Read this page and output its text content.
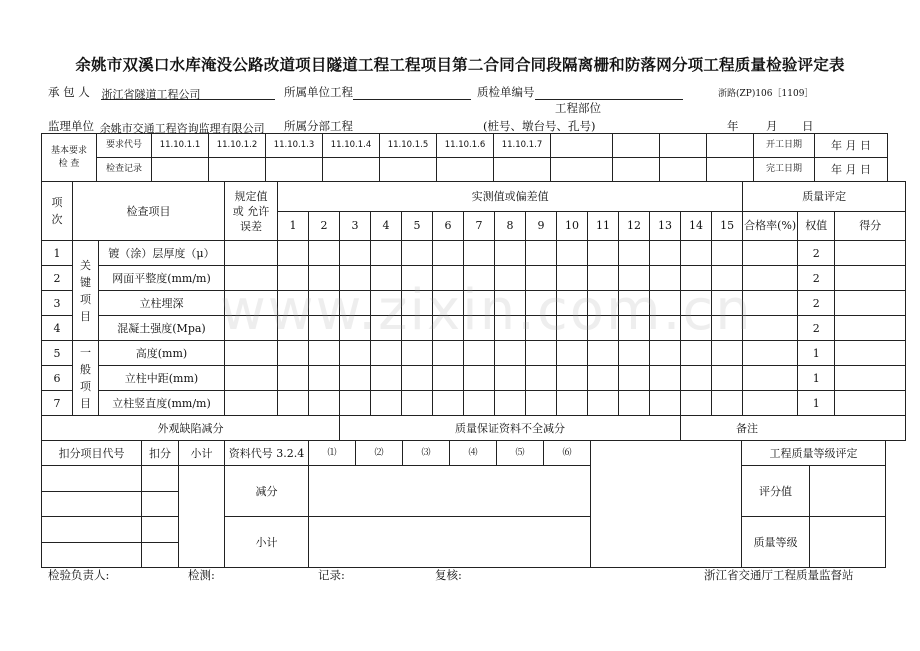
余姚市双溪口水库淹没公路改道项目隧道工程工程项目第二合同合同段隔离栅和防落网分项工程质量检验评定表
承 包 人 浙江省隧道工程公司	所属单位工程	质检单编号	浙路(ZP)106［1109］
工程部位
监理单位 余姚市交通工程咨询监理有限公司	所属分部工程	(桩号、墩台号、孔号)	年 月 日
基本要求
检 查	要求代号	11.10.1.1	11.10.1.2	11.10.1.3	11.10.1.4	11.10.1.5	11.10.1.6	11.10.1.7					开工日期	年 月 日
	检查记录												完工日期	年 月 日
项次	检查项目		规定值或 允许误差	实测值或偏差值															质量评定		
				1	2	3	4	5	6	7	8	9	10	11	12	13	14	15	合格率(%)	权值	得分
1	关键项目	镀（涂）层厚度（μ）																		2	
2		网面平整度(mm/m)																		2	
3		立柱埋深																		2	
4		混凝土强度(Mpa)																		2	
5	一般项目	高度(mm)																		1	
6		立柱中距(mm)																		1	
7		立柱竖直度(mm/m)																		1	
外观缺陷减分						质量保证资料不全减分											备注				
扣分项目代号	扣分	小计	资料代号 3.2.4	⑴	⑵	⑶	⑷	⑸	⑹		工程质量等级评定	
			减分								评分值	

			小计								质量等级	

检验负责人:	检测:	记录:	复核:	浙江省交通厅工程质量监督站
www.zixin.com.cn
